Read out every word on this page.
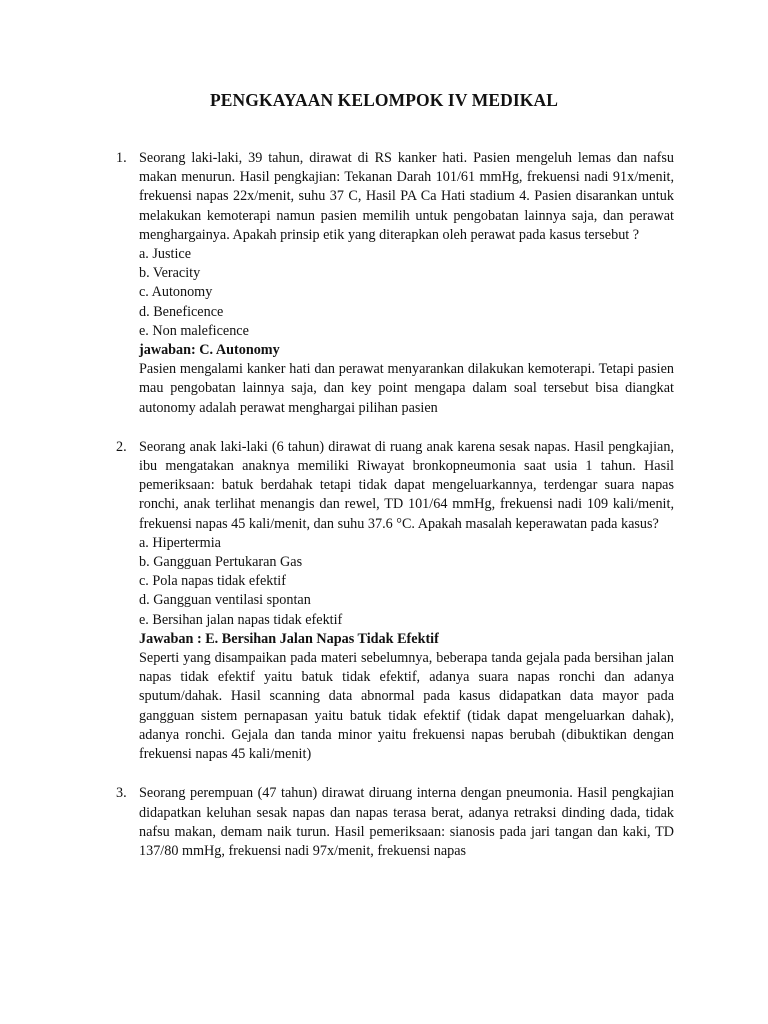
PENGKAYAAN KELOMPOK IV MEDIKAL
1. Seorang laki-laki, 39 tahun, dirawat di RS kanker hati. Pasien mengeluh lemas dan nafsu makan menurun. Hasil pengkajian: Tekanan Darah 101/61 mmHg, frekuensi nadi 91x/menit, frekuensi napas 22x/menit, suhu 37 C, Hasil PA Ca Hati stadium 4. Pasien disarankan untuk melakukan kemoterapi namun pasien memilih untuk pengobatan lainnya saja, dan perawat menghargainya. Apakah prinsip etik yang diterapkan oleh perawat pada kasus tersebut ?

a. Justice
b. Veracity
c. Autonomy
d. Beneficence
e. Non maleficence

jawaban: C. Autonomy

Pasien mengalami kanker hati dan perawat menyarankan dilakukan kemoterapi. Tetapi pasien mau pengobatan lainnya saja, dan key point mengapa dalam soal tersebut bisa diangkat autonomy adalah perawat menghargai pilihan pasien

2. Seorang anak laki-laki (6 tahun) dirawat di ruang anak karena sesak napas. Hasil pengkajian, ibu mengatakan anaknya memiliki Riwayat bronkopneumonia saat usia 1 tahun. Hasil pemeriksaan: batuk berdahak tetapi tidak dapat mengeluarkannya, terdengar suara napas ronchi, anak terlihat menangis dan rewel, TD 101/64 mmHg, frekuensi nadi 109 kali/menit, frekuensi napas 45 kali/menit, dan suhu 37.6 °C. Apakah masalah keperawatan pada kasus?

a. Hipertermia
b. Gangguan Pertukaran Gas
c. Pola napas tidak efektif
d. Gangguan ventilasi spontan
e. Bersihan jalan napas tidak efektif

Jawaban : E. Bersihan Jalan Napas Tidak Efektif

Seperti yang disampaikan pada materi sebelumnya, beberapa tanda gejala pada bersihan jalan napas tidak efektif yaitu batuk tidak efektif, adanya suara napas ronchi dan adanya sputum/dahak. Hasil scanning data abnormal pada kasus didapatkan data mayor pada gangguan sistem pernapasan yaitu batuk tidak efektif (tidak dapat mengeluarkan dahak), adanya ronchi. Gejala dan tanda minor yaitu frekuensi napas berubah (dibuktikan dengan frekuensi napas 45 kali/menit)

3. Seorang perempuan (47 tahun) dirawat diruang interna dengan pneumonia. Hasil pengkajian didapatkan keluhan sesak napas dan napas terasa berat, adanya retraksi dinding dada, tidak nafsu makan, demam naik turun. Hasil pemeriksaan: sianosis pada jari tangan dan kaki, TD 137/80 mmHg, frekuensi nadi 97x/menit, frekuensi napas
